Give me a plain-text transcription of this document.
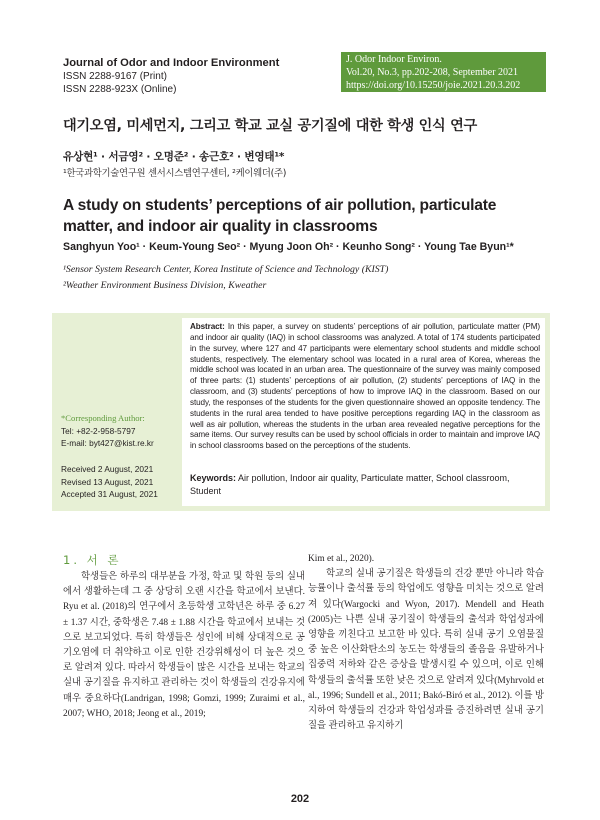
Journal of Odor and Indoor Environment
ISSN 2288-9167 (Print)
ISSN 2288-923X (Online)
J. Odor Indoor Environ.
Vol.20, No.3, pp.202-208, September 2021
https://doi.org/10.15250/joie.2021.20.3.202
대기오염, 미세먼지, 그리고 학교 교실 공기질에 대한 학생 인식 연구
유상현¹ · 서금영² · 오명준² · 송근호² · 변영태¹*
¹한국과학기술연구원 센서시스템연구센터, ²케이웨더(주)
A study on students’ perceptions of air pollution, particulate matter, and indoor air quality in classrooms
Sanghyun Yoo¹ · Keum-Young Seo² · Myung Joon Oh² · Keunho Song² · Young Tae Byun¹*
¹Sensor System Research Center, Korea Institute of Science and Technology (KIST)
²Weather Environment Business Division, Kweather
Abstract: In this paper, a survey on students’ perceptions of air pollution, particulate matter (PM) and indoor air quality (IAQ) in school classrooms was analyzed. A total of 174 students participated in the survey, where 127 and 47 participants were elementary school students and middle school students, respectively. The elementary school was located in a rural area of Korea, whereas the middle school was located in an urban area. The questionnaire of the survey was mainly composed of three parts: (1) students’ perceptions of air pollution, (2) students’ perceptions of IAQ in the classroom, and (3) students’ perceptions of how to improve IAQ in the classroom. Based on our study, the responses of the students for the given questionnaire showed an opposite tendency. The students in the rural area tended to have positive perceptions regarding IAQ in the classroom as well as air pollution, whereas the students in the urban area revealed negative perceptions for the same items. Our survey results can be used by school officials in order to maintain and improve IAQ in school classrooms based on the perceptions of the students.
Keywords: Air pollution, Indoor air quality, Particulate matter, School classroom, Student
*Corresponding Author:
Tel: +82-2-958-5797
E-mail: byt427@kist.re.kr
Received 2 August, 2021
Revised 13 August, 2021
Accepted 31 August, 2021
1. 서 론

학생들은 하루의 대부분을 가정, 학교 및 학원 등의 실내에서 생활하는데 그 중 상당히 오랜 시간을 학교에서 보낸다. Ryu et al. (2018)의 연구에서 초등학생 고학년은 하루 중 6.27 ± 1.37 시간, 중학생은 7.48 ± 1.88 시간을 학교에서 보내는 것으로 보고되었다. 특히 학생들은 성인에 비해 상대적으로 공기오염에 더 취약하고 이로 인한 건강위해성이 더 높은 것으로 알려져 있다. 따라서 학생들이 많은 시간을 보내는 학교의 실내 공기질을 유지하고 관리하는 것이 학생들의 건강유지에 매우 중요하다(Landrigan, 1998; Gomzi, 1999; Zuraimi et al., 2007; WHO, 2018; Jeong et al., 2019;

Kim et al., 2020).

학교의 실내 공기질은 학생들의 건강 뿐만 아니라 학습 능률이나 출석률 등의 학업에도 영향을 미치는 것으로 알려져 있다(Wargocki and Wyon, 2017). Mendell and Heath (2005)는 나쁜 실내 공기질이 학생들의 출석과 학업성과에 영향을 끼친다고 보고한 바 있다. 특히 실내 공기 오염물질 중 높은 이산화탄소의 농도는 학생들의 졸음을 유발하거나 집중력 저하와 같은 증상을 발생시킬 수 있으며, 이로 인해 학생들의 출석률 또한 낮은 것으로 알려져 있다(Myhrvold et al., 1996; Sundell et al., 2011; Bakó-Biró et al., 2012). 이를 방지하여 학생들의 건강과 학업성과를 증진하려면 실내 공기질을 관리하고 유지하기

202
